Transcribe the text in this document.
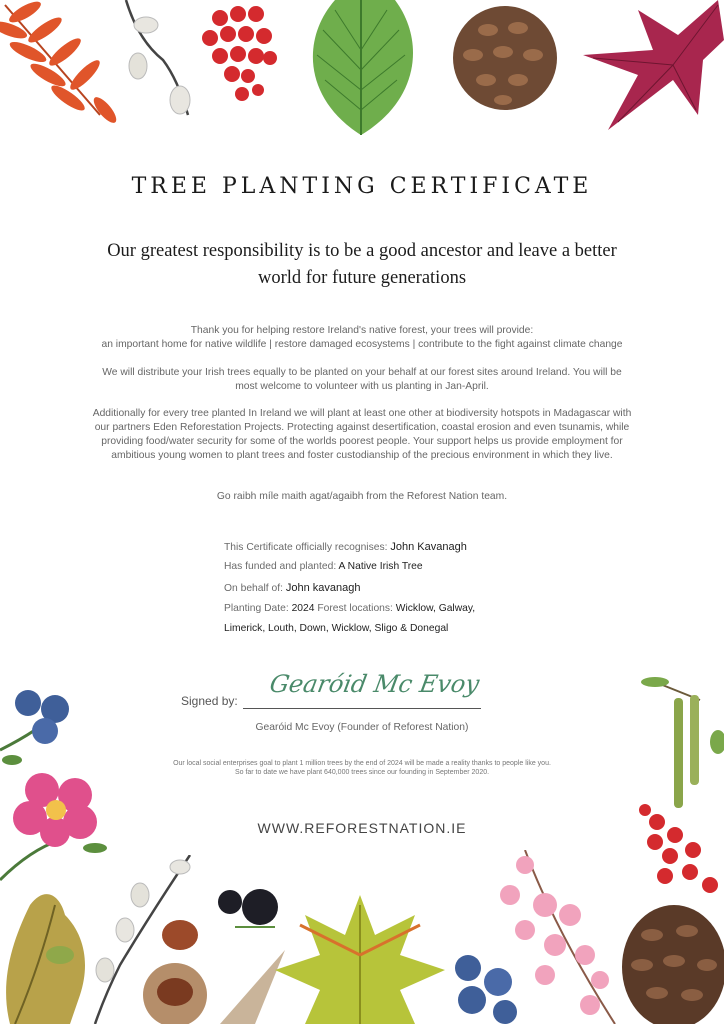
TREE PLANTING CERTIFICATE
Our greatest responsibility is to be a good ancestor and leave a better
world for future generations
Thank you for helping restore Ireland's native forest, your trees will provide:
an important home for native wildlife | restore damaged ecosystems | contribute to the fight against climate change
We will distribute your Irish trees equally to be planted on your behalf at our forest sites around Ireland. You will be most welcome to volunteer with us planting in Jan-April.
Additionally for every tree planted In Ireland we will plant at least one other at biodiversity hotspots in Madagascar with our partners Eden Reforestation Projects. Protecting against desertification, coastal erosion and even tsunamis, while providing food/water security for some of the worlds poorest people. Your support helps us provide employment for ambitious young women to plant trees and foster custodianship of the precious environment in which they live.
Go raibh míle maith agat/agaibh from the Reforest Nation team.
This Certificate officially recognises: John Kavanagh
Has funded and planted: A Native Irish Tree
On behalf of: John kavanagh
Planting Date: 2024 Forest locations: Wicklow, Galway,
Limerick, Louth, Down, Wicklow, Sligo & Donegal
Signed by:
Gearóid Mc Evoy
Gearóid Mc Evoy (Founder of Reforest Nation)
Our local social enterprises goal to plant 1 million trees by the end of 2024 will be made a reality thanks to people like you.
So far to date we have plant 640,000 trees since our founding in September 2020.
WWW.REFORESTNATION.IE
